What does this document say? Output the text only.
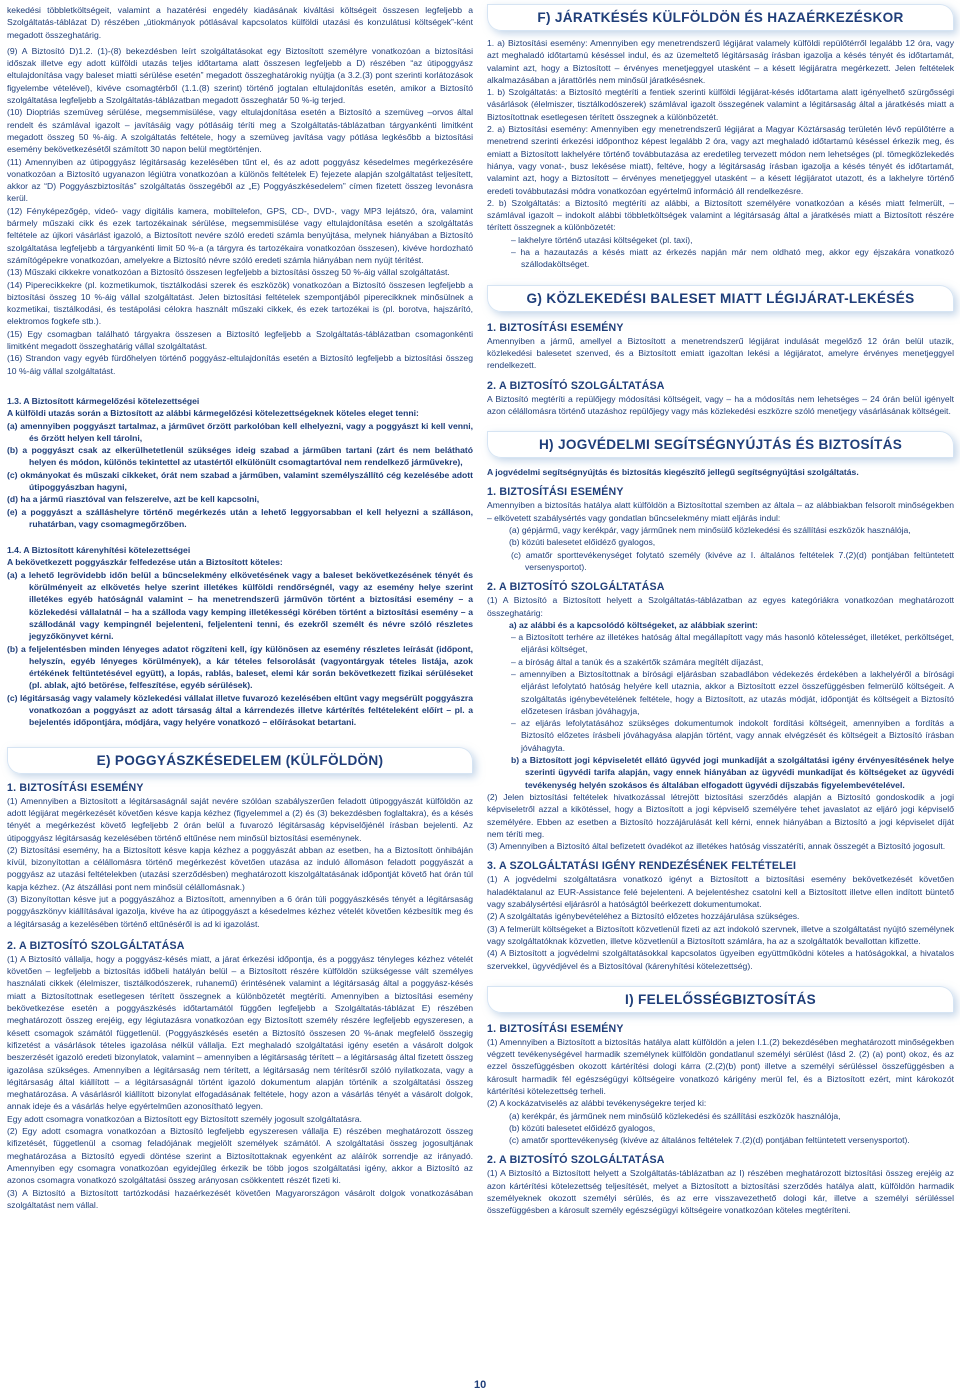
kekedési többletköltségeit, valamint a hazatérési engedély kiadásának kiváltási költségeit összesen legfeljebb a Szolgáltatás-táblázat D) részében „útiokmányok pótlásával kapcsolatos külföldi utazási és konzulátusi költségek”-ként megadott összeghatárig.

(9) A Biztosító D)1.2. (1)-(8) bekezdésben leírt szolgáltatásokat egy Biztosított személyre vonatkozóan a biztosítási időszak illetve egy adott külföldi utazás teljes időtartama alatt összesen legfeljebb a D) részében “az útipoggyász eltulajdonítása vagy baleset miatti sérülése esetén” megadott összeghatárokig nyújtja (a 3.2.(3) pont szerinti korlátozások figyelembe vételével), kivéve csomagtérből (1.1.(8) szerint) történő jogtalan eltulajdonítás esetén, amikor a Biztosító szolgáltatása legfeljebb a Szolgáltatás-táblázatban megadott összeghatár 50 %-ig terjed.

(10) Dioptriás szemüveg sérülése, megsemmisülése, vagy eltulajdonítása esetén a Biztosító a szemüveg –orvos által rendelt és számlával igazolt – javításáig vagy pótlásáig téríti meg a Szolgáltatás-táblázatban tárgyankénti limitként megadott összeg 50 %-áig. A szolgáltatás feltétele, hogy a szemüveg javítása vagy pótlása legkésőbb a biztosítási esemény bekövetkezésétől számított 30 napon belül megtörténjen.

(11) Amennyiben az útipoggyász légitársaság kezelésében tűnt el, és az adott poggyász késedelmes megérkezésére vonatkozóan a Biztosító ugyanazon légiútra vonatkozóan a különös feltételek E) fejezete alapján szolgáltatást teljesített, akkor az “D) Poggyászbiztosítás” szolgáltatás összegéből az „E) Poggyászkésedelem” címen fizetett összeg levonásra kerül.

(12) Fényképezőgép, videó- vagy digitális kamera, mobiltelefon, GPS, CD-, DVD-, vagy MP3 lejátszó, óra, valamint bármely műszaki cikk és ezek tartozékainak sérülése, megsemmisülése vagy eltulajdonítása esetén a szolgáltatás feltétele az újkori vásárlást igazoló, a Biztosított nevére szóló eredeti számla benyújtása, melynek hiányában a Biztosító szolgáltatása legfeljebb a tárgyankénti limit 50 %-a (a tárgyra és tartozékaira vonatkozóan összesen), kivéve hordozható számítógépekre vonatkozóan, amelyekre a Biztosító névre szóló eredeti számla hiányában nem nyújt térítést.

(13) Műszaki cikkekre vonatkozóan a Biztosító összesen legfeljebb a biztosítási összeg 50 %-áig vállal szolgáltatást.

(14) Piperecikkekre (pl. kozmetikumok, tisztálkodási szerek és eszközök) vonatkozóan a Biztosító összesen legfeljebb a biztosítási összeg 10 %-áig vállal szolgáltatást. Jelen biztosítási feltételek szempontjából piperecikknek minősülnek a kozmetikai, tisztálkodási, és testápolási célokra használt műszaki cikkek, és ezek tartozékai is (pl. borotva, hajszárító, elektromos fogkefe stb.).

(15) Egy csomagban található tárgyakra összesen a Biztosító legfeljebb a Szolgáltatás-táblázatban csomagonkénti limitként megadott összeghatárig vállal szolgáltatást.

(16) Strandon vagy egyéb fürdőhelyen történő poggyász-eltulajdonítás esetén a Biztosító legfeljebb a biztosítási összeg 10 %-áig vállal szolgáltatást.

1.3. A Biztosított kármegelőzési kötelezettségei

A külföldi utazás során a Biztosított az alábbi kármegelőzési kötelezettségeknek köteles eleget tenni:

(a) amennyiben poggyászt tartalmaz, a járművet őrzött parkolóban kell elhelyezni, vagy a poggyászt ki kell venni, és őrzött helyen kell tárolni,

(b) a poggyászt csak az elkerülhetetlenül szükséges ideig szabad a járműben tartani (zárt és nem belátható helyen és módon, különös tekintettel az utastértől elkülönült csomagtartóval nem rendelkező járművekre),

(c) okmányokat és műszaki cikkeket, órát nem szabad a járműben, valamint személyszállító cég kezelésébe adott útipoggyászban hagyni,

(d) ha a jármű riasztóval van felszerelve, azt be kell kapcsolni,

(e) a poggyászt a szálláshelyre történő megérkezés után a lehető leggyorsabban el kell helyezni a szálláson, ruhatárban, vagy csomagmegőrzőben.

1.4. A Biztosított kárenyhítési kötelezettségei

A bekövetkezett poggyászkár felfedezése után a Biztosított köteles:

(a) a lehető legrövidebb időn belül a bűncselekmény elkövetésének vagy a baleset bekövetkezésének tényét és körülményeit az elkövetés helye szerint illetékes külföldi rendőrségnél, vagy az esemény helye szerint illetékes egyéb hatóságnál valamint – ha menetrendszerű járművön történt a biztosítási esemény – a közlekedési vállalatnál – ha a szálloda vagy kemping illetékességi körében történt a biztosítási esemény – a szállodánál vagy kempingnél bejelenteni, feljelenteni tenni, és ezekről személt és névre szóló részletes jegyzőkönyvet kérni.

(b) a feljelentésben minden lényeges adatot rögzíteni kell, így különösen az esemény részletes leírását (időpont, helyszín, egyéb lényeges körülmények), a kár tételes felsorolását (vagyontárgyak tételes listája, azok értékének feltüntetésével együtt), a lopás, rablás, baleset, elemi kár során bekövetkezett fizikai sérüléseket (pl. ablak, ajtó betörése, felfeszítése, egyéb sérülések).

(c) légitársaság vagy valamely közlekedési vállalat illetve fuvarozó kezelésében eltűnt vagy megsérült poggyászra vonatkozóan a poggyászt az adott társaság által a kárrendezés illetve kártérítés feltételeként előírt – pl. a bejelentés időpontjára, módjára, vagy helyére vonatkozó – előírásokat betartani.

E) POGGYÁSZKÉSEDELEM (KÜLFÖLDÖN)

1. BIZTOSÍTÁSI ESEMÉNY

(1) Amennyiben a Biztosított a légitársaságnál saját nevére szólóan szabályszerűen feladott útipoggyászát külföldön az adott légijárat megérkezését követően késve kapja kézhez (figyelemmel a (2) és (3) bekezdésben foglaltakra), és a késés tényét a megérkezést követő legfeljebb 2 órán belül a fuvarozó légitársaság képviselőjénél írásban bejelenti. Az útipoggyász légitársaság kezelésében történő eltűnése nem minősül biztosítási eseménynek.

(2) Biztosítási esemény, ha a Biztosított késve kapja kézhez a poggyászát abban az esetben, ha a Biztosított önhibáján kívül, bizonyítottan a célállomásra történő megérkezést követően utazása az induló állomáson feladott poggyászát a poggyász az utazási feltételekben (utazási szerződésben) meghatározott kiszolgáltatásának időpontját követő hat órán túl kapja kézhez. (Az átszállási pont nem minősül célállomásnak.)

(3) Bizonyítottan késve jut a poggyászához a Biztosított, amennyiben a 6 órán túli poggyászkésés tényét a légitársaság poggyászkönyv kiállításával igazolja, kivéve ha az útipoggyászt a késedelmes kézhez vételét követően kézbesítik meg és a légitársaság a kezelésében történő eltűnéséről is ad ki igazolást.

2. A BIZTOSÍTÓ SZOLGÁLTATÁSA

(1) A Biztosító vállalja, hogy a poggyász-késés miatt, a járat érkezési időpontja, és a poggyász tényleges kézhez vételét követően – legfeljebb a biztosítás időbeli hatályán belül – a Biztosított részére külföldön szükségesse vált személyes használati cikkek (élelmiszer, tisztálkodószerek, ruhanemű) érintésének valamint a légitársaság által a poggyász-késés miatt a Biztosítottnak esetlegesen térített összegnek a különbözetét megtéríti. Amennyiben a biztosítási esemény bekövetkezése esetén a poggyászkésés időtartamától függően legfeljebb a Szolgáltatás-táblázat E) részében meghatározott összeg erejéig, egy légiutazásra vonatkozóan egy Biztosított személy részére legfeljebb egyszeresen, a késett csomagok számától függetlenül. (Poggyászkésés esetén a Biztosító összesen 20 %-ának megfelelő összegig kifizetést a vásárlások tételes igazolása nélkül vállalja. Ezt meghaladó szolgáltatási igény esetén a vásárolt dolgok beszerzését igazoló eredeti bizonylatok, valamint – amennyiben a légitársaság térített – a légitársaság által fizetett összeg igazolása szükséges. Amennyiben a légitársaság nem térített, a légitársaság nem térítésről szóló nyilatkozata, vagy a légitársaság által kiállított – a légitársaságnál történt igazoló dokumentum alapján történik a szolgáltatási összeg meghatározása. A vásárlásról kiállított bizonylat elfogadásának feltétele, hogy azon a vásárlás tényét a vásárolt dolgok, annak ideje és a vásárlás helye egyértelműen azonosítható legyen.

Egy adott csomagra vonatkozóan a Biztosított egy Biztosított személy jogosult szolgáltatásra.

(2) Egy adott csomagra vonatkozóan a Biztosító legfeljebb egyszeresen vállalja E) részében meghatározott összeg kifizetését, függetlenül a csomag feladójának megjelölt személyek számától. A szolgáltatási összeg jogosultjának meghatározása a Biztosító egyedi döntése szerint a Biztosítottaknak egyenként az aláírók sorrendje az irányadó. Amennyiben egy csomagra vonatkozóan egyidejűleg érkezik be több jogos szolgáltatási igény, akkor a Biztosító az azonos csomagra vonatkozó szolgáltatási összeg arányosan csökkentett részét fizeti ki.

(3) A Biztosító a Biztosított tartózkodási hazaérkezését követően Magyarországon vásárolt dolgok vonatkozásában szolgáltatást nem vállal.

F) JÁRATKÉSÉS KÜLFÖLDÖN ÉS HAZAÉRKEZÉSKOR

1. a) Biztosítási esemény: Amennyiben egy menetrendszerű légijárat valamely külföldi repülőtérről legalább 12 óra, vagy azt meghaladó időtartamú késéssel indul, és az üzemeltető légitársaság írásban igazolja a késés tényét és időtartamát, valamint azt, hogy a Biztosított – érvényes menetjeggyel utasként – a késett légijáratra megérkezett. Jelen feltételek alkalmazásában a járattörlés nem minősül járatkésésnek.

1. b) Szolgáltatás: a Biztosító megtéríti a fentiek szerinti külföldi légijárat-késés időtartama alatt igényelhető szürgősségi vásárlások (élelmiszer, tisztálkodószerek) számlával igazolt összegének valamint a légitársaság által a járatkésés miatt a Biztosítottnak esetlegesen térített összegnek a különbözetét.

2. a) Biztosítási esemény: Amennyiben egy menetrendszerű légijárat a Magyar Köztársaság területén lévő repülőtérre a menetrend szerinti érkezési időponthoz képest legalább 2 óra, vagy azt meghaladó időtartamú késéssel érkezik meg, és emiatt a Biztosított lakhelyére történő továbbutazása az eredetileg tervezett módon nem lehetséges (pl. tömegközlekedés hiánya, vagy vonat-, busz lekésése miatt), feltéve, hogy a légitársaság írásban igazolja a késés tényét és időtartamát, valamint azt, hogy a Biztosított – érvényes menetjeggyel utasként – a késett légijáratot utazott, és a lakhelyre történő eredeti továbbutazási módra vonatkozóan egyértelmű információ áll rendelkezésre.

2. b) Szolgáltatás: a Biztosító megtéríti az alábbi, a Biztosított személyére vonatkozóan a késés miatt felmerült, – számlával igazolt – indokolt alábbi többletköltségek valamint a légitársaság által a járatkésés miatt a Biztosított részére térített összegnek a különbözetét:

– lakhelyre történő utazási költségeket (pl. taxi),

– ha a hazautazás a késés miatt az érkezés napján már nem oldható meg, akkor egy éjszakára vonatkozó szállodaköltséget.

G) KÖZLEKEDÉSI BALESET MIATT LÉGIJÁRAT-LEKÉSÉS

1. BIZTOSÍTÁSI ESEMÉNY

Amennyiben a jármű, amellyel a Biztosított a menetrendszerű légijárat indulását megelőző 12 órán belül utazik, közlekedési balesetet szenved, és a Biztosított emiatt igazoltan lekési a légijáratot, amelyre érvényes menetjeggyel rendelkezett.

2. A BIZTOSÍTÓ SZOLGÁLTATÁSA

A Biztosító megtéríti a repülőjegy módosítási költségeit, vagy – ha a módosítás nem lehetséges – 24 órán belül igényelt azon célállomásra történő utazáshoz repülőjegy vagy más közlekedési eszközre szóló menetjegy vásárlásának költségeit.

H) JOGVÉDELMI SEGÍTSÉGNYÚJTÁS ÉS BIZTOSÍTÁS

A jogvédelmi segítségnyújtás és biztosítás kiegészítő jellegű segítségnyújtási szolgáltatás.

1. BIZTOSÍTÁSI ESEMÉNY

Amennyiben a biztosítás hatálya alatt külföldön a Biztosítottal szemben az általa – az alábbiakban felsorolt minőségekben – elkövetett szabálysértés vagy gondatlan bűncselekmény miatt eljárás indul:

(a) gépjármű, vagy kerékpár, vagy járműnek nem minősülő közlekedési és szállítási eszközök használója,

(b) közúti balesetet előidéző gyalogos,

(c) amatőr sporttevékenységet folytató személy (kivéve az I. általános feltételek 7.(2)(d) pontjában feltüntetett versenysportot).

2. A BIZTOSÍTÓ SZOLGÁLTATÁSA

(1) A Biztosító a Biztosított helyett a Szolgáltatás-táblázatban az egyes kategóriákra vonatkozóan meghatározott összeghatárig:

a) az alábbi és a kapcsolódó költségeket, az alábbiak szerint:

– a Biztosított terhére az illetékes hatóság által megállapított vagy más hasonló kötelességet, illetéket, perköltséget, eljárási költséget,

– a bíróság által a tanúk és a szakértők számára megítélt díjazást,

– amennyiben a Biztosítottnak a bírósági eljárásban szabadlábon védekezés érdekében a lakhelyéről a bírósági eljárást lefolytató hatóság helyére kell utaznia, akkor a Biztosított ezzel összefüggésben felmerülő költségeit. A szolgáltatás igénybevételének feltétele, hogy a Biztosított, az utazás módját, időpontját és költségeit a Biztosító előzetesen írásban jóváhagyja,

– az eljárás lefolytatásához szükséges dokumentumok indokolt fordítási költségeit, amennyiben a fordítás a Biztosító előzetes írásbeli jóváhagyása alapján történt, vagy annak elvégzését és költségeit a Biztosító írásban jóváhagyta.

b) a Biztosított jogi képviseletét ellátó ügyvéd jogi munkadíját a szolgáltatási igény érvényesítésének helye szerinti ügyvédi tarifa alapján, vagy ennek hiányában az ügyvédi munkadíjat és költségeket az ügyvédi tevékenység helyén szokásos és általában elfogadott ügyvédi díjszabás figyelembevételével.

(2) Jelen biztosítási feltételek hivatkozással létrejött biztosítási szerződés alapján a Biztosító gondoskodik a jogi képviseletről azzal a kikötéssel, hogy a Biztosított a jogi képviselő személyére tehet javaslatot az eljáró jogi képviselő személyére. Ebben az esetben a Biztosító hozzájárulását kell kérni, ennek hiányában a Biztosító a jogi képviselet díját nem téríti meg.

(3) Amennyiben a Biztosító által befizetett óvadékot az illetékes hatóság visszatéríti, annak összegét a Biztosító jogosult.

3. A SZOLGÁLTATÁSI IGÉNY RENDEZÉSÉNEK FELTÉTELEI

(1) A jogvédelmi szolgáltatásra vonatkozó igényt a Biztosított a biztosítási esemény bekövetkezését követően haladéktalanul az EUR-Assistance felé bejelenteni. A bejelentéshez csatolni kell a Biztosított illetve ellen indított büntető vagy szabálysértési eljárásról a hatóságtól beérkezett dokumentumokat.

(2) A szolgáltatás igénybevételéhez a Biztosító előzetes hozzájárulása szükséges.

(3) A felmerült költségeket a Biztosított közvetlenül fizeti az azt indokoló szervnek, illetve a szolgáltatást nyújtó személynek vagy szolgáltatóknak közvetlen, illetve közvetlenül a Biztosított számlára, ha az a szolgáltatók bevallottan kifizette.

(4) A Biztosított a jogvédelmi szolgáltatásokkal kapcsolatos ügyeiben együttműködni köteles a hatóságokkal, a hivatalos szervekkel, ügyvédjével és a Biztosítóval (kárenyhítési kötelezettség).

I) FELELŐSSÉGBIZTOSÍTÁS

1. BIZTOSÍTÁSI ESEMÉNY

(1) Amennyiben a Biztosított a biztosítás hatálya alatt külföldön a jelen I.1.(2) bekezdésében meghatározott minőségekben végzett tevékenységével harmadik személynek külföldön gondatlanul személyi sérülést (lásd 2. (2) (a) pont) okoz, és az ezzel összefüggésben okozott kártérítési dologi kárra (2.(2)(b) pont) illetve a személyi sérüléssel összefüggésben a károsult harmadik fél egészségügyi költségeire vonatkozó kárigény merül fel, és a Biztosított ezért, mint károkozót kártérítési kötelezettség terheli.

(2) A kockázatviselés az alábbi tevékenységekre terjed ki:

(a) kerékpár, és járműnek nem minősülő közlekedési és szállítási eszközök használója,

(b) közúti balesetet előidéző gyalogos,

(c) amatőr sporttevékenység (kivéve az általános feltételek 7.(2)(d) pontjában feltüntetett versenysportot).

2. A BIZTOSÍTÓ SZOLGÁLTATÁSA

(1) A Biztosító a Biztosított helyett a Szolgáltatás-táblázatban az I) részében meghatározott biztosítási összeg erejéig az azon kártérítési kötelezettség teljesítését, melyet a Biztosított a biztosítási szerződés hatálya alatt, külföldön harmadik személyeknek okozott személyi sérülés, és az erre visszavezethető dologi kár, illetve a személyi sérüléssel összefüggésben a károsult személy egészségügyi költségeire vonatkozóan köteles megtéríteni.

10
